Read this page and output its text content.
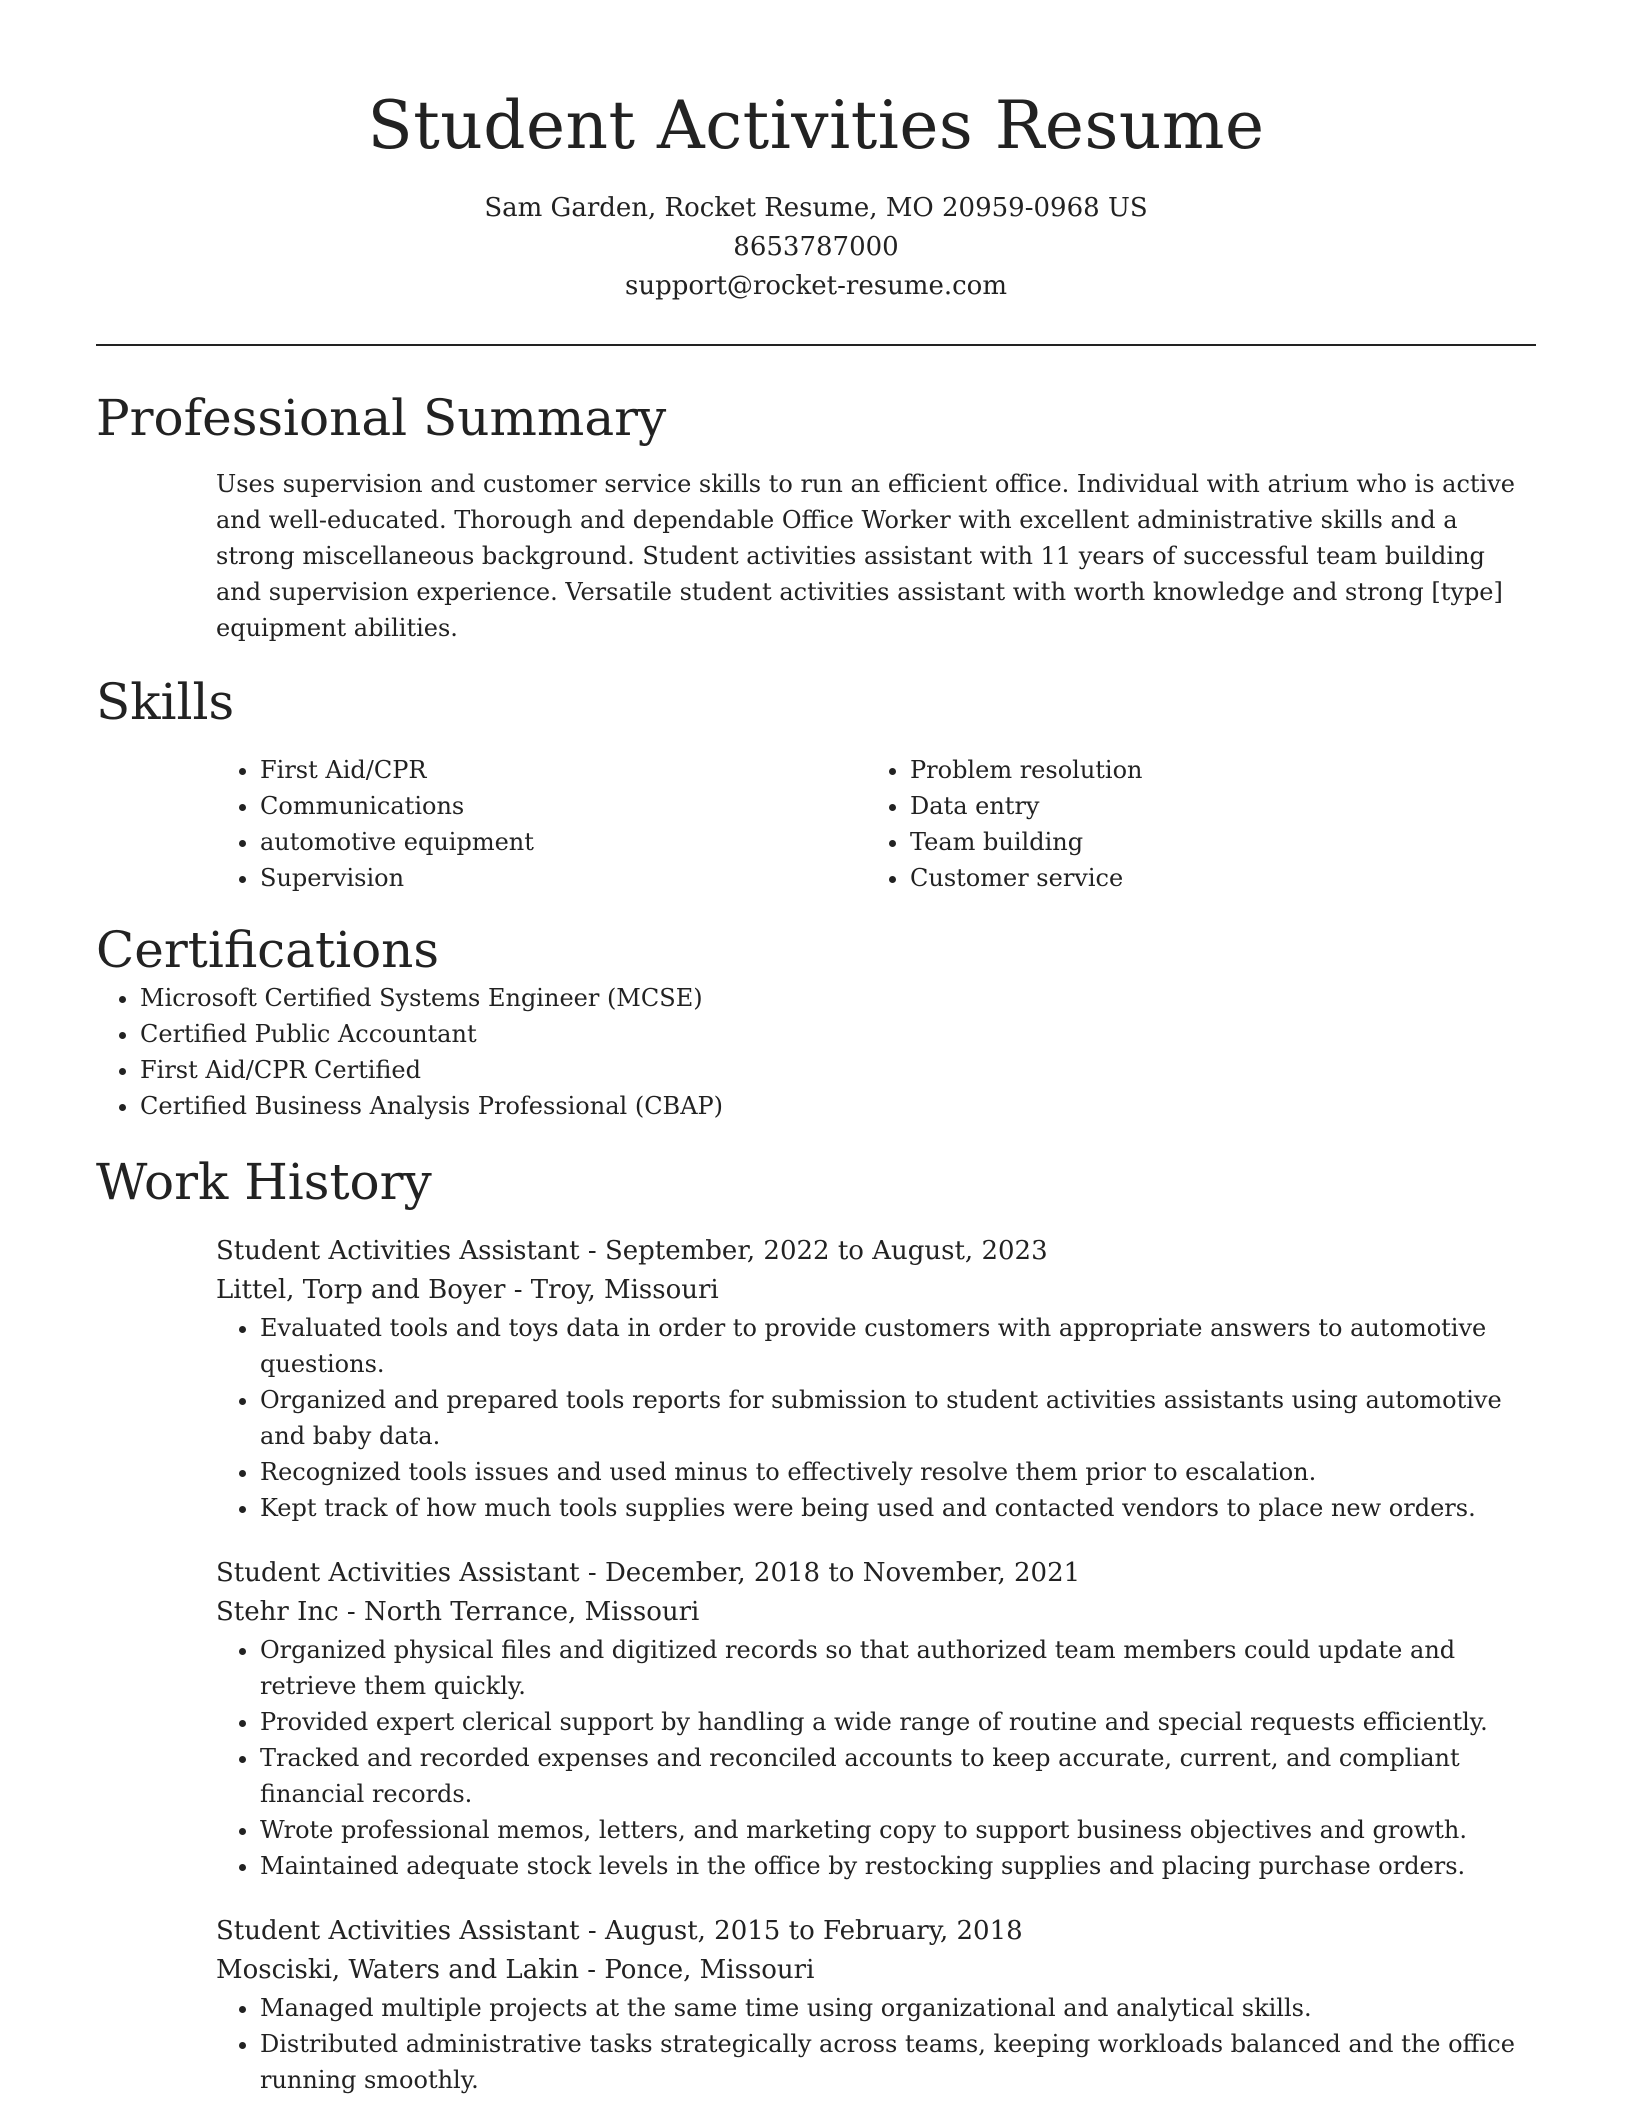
Student Activities Resume
Sam Garden, Rocket Resume, MO 20959-0968 US
8653787000
support@rocket-resume.com
Professional Summary

Uses supervision and customer service skills to run an efficient office. Individual with atrium who is active and well-educated. Thorough and dependable Office Worker with excellent administrative skills and a strong miscellaneous background. Student activities assistant with 11 years of successful team building and supervision experience. Versatile student activities assistant with worth knowledge and strong [type] equipment abilities.

Skills
• First Aid/CPR
• Communications
• automotive equipment
• Supervision
• Problem resolution
• Data entry
• Team building
• Customer service
Certifications
• Microsoft Certified Systems Engineer (MCSE)
• Certified Public Accountant
• First Aid/CPR Certified
• Certified Business Analysis Professional (CBAP)
Work History
Student Activities Assistant - September, 2022 to August, 2023
Littel, Torp and Boyer - Troy, Missouri
• Evaluated tools and toys data in order to provide customers with appropriate answers to automotive questions.
• Organized and prepared tools reports for submission to student activities assistants using automotive and baby data.
• Recognized tools issues and used minus to effectively resolve them prior to escalation.
• Kept track of how much tools supplies were being used and contacted vendors to place new orders.
Student Activities Assistant - December, 2018 to November, 2021
Stehr Inc - North Terrance, Missouri
• Organized physical files and digitized records so that authorized team members could update and retrieve them quickly.
• Provided expert clerical support by handling a wide range of routine and special requests efficiently.
• Tracked and recorded expenses and reconciled accounts to keep accurate, current, and compliant financial records.
• Wrote professional memos, letters, and marketing copy to support business objectives and growth.
• Maintained adequate stock levels in the office by restocking supplies and placing purchase orders.
Student Activities Assistant - August, 2015 to February, 2018
Mosciski, Waters and Lakin - Ponce, Missouri
• Managed multiple projects at the same time using organizational and analytical skills.
• Distributed administrative tasks strategically across teams, keeping workloads balanced and the office running smoothly.
